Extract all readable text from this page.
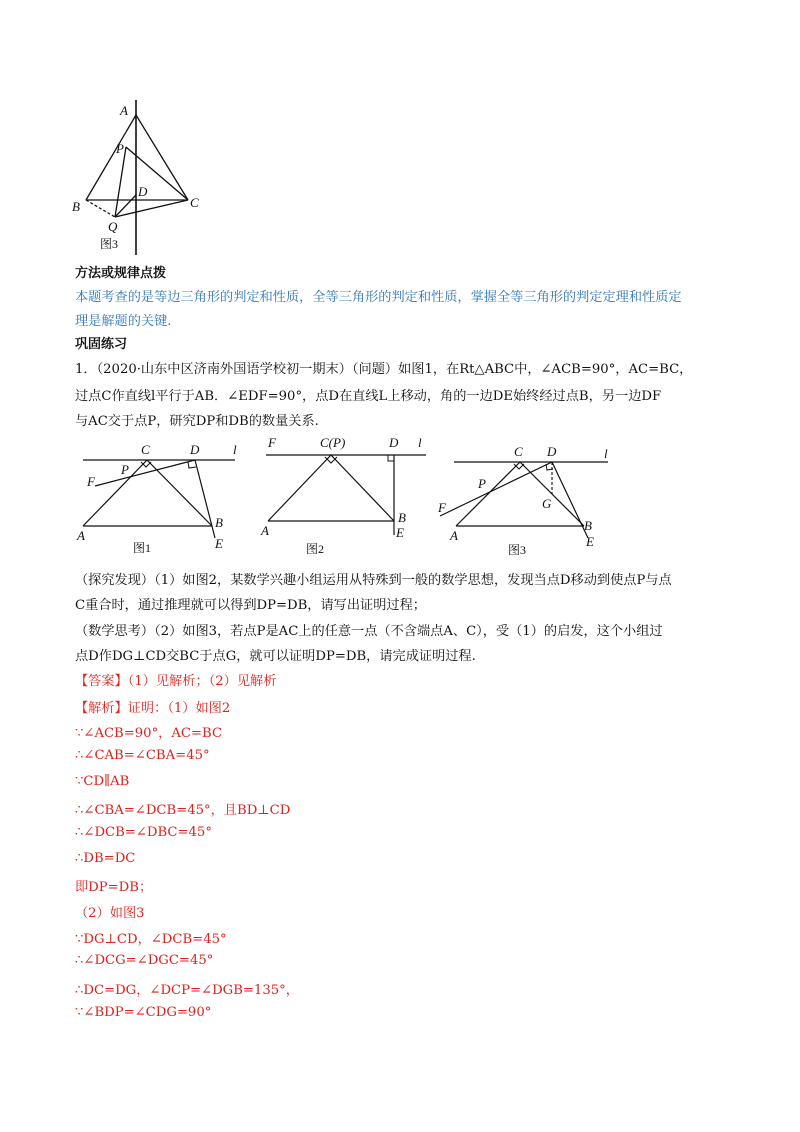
A
P
D
B	C
Q
图3
方法或规律点拨
本题考查的是等边三角形的判定和性质，全等三角形的判定和性质，掌握全等三角形的判定定理和性质定
理是解题的关键.
巩固练习
1．（2020·山东中区济南外国语学校初一期末）（问题）如图1，在Rt△ABC中，∠ACB=90°，AC=BC，
过点C作直线l平行于AB．∠EDF=90°，点D在直线L上移动，角的一边DE始终经过点B，另一边DF
与AC交于点P，研究DP和DB的数量关系.
C	D	l
P
F
B
A
E
图1
F	C(P)	D l
A
B
E
图2
C D	l
P
G
F
A
B
E
图3
（探究发现）（1）如图2，某数学兴趣小组运用从特殊到一般的数学思想，发现当点D移动到使点P与点
C重合时，通过推理就可以得到DP=DB，请写出证明过程；
（数学思考）（2）如图3，若点P是AC上的任意一点（不含端点A、C），受（1）的启发，这个小组过
点D作DG⊥CD交BC于点G，就可以证明DP=DB，请完成证明过程.
【答案】（1）见解析；（2）见解析
【解析】证明：（1）如图2
∵∠ACB=90°，AC=BC
∴∠CAB=∠CBA=45°
∵CD∥AB
∴∠CBA=∠DCB=45°，且BD⊥CD
∴∠DCB=∠DBC=45°
∴DB=DC
即DP=DB；
（2）如图3
∵DG⊥CD，∠DCB=45°
∴∠DCG=∠DGC=45°
∴DC=DG，∠DCP=∠DGB=135°，
∵∠BDP=∠CDG=90°
